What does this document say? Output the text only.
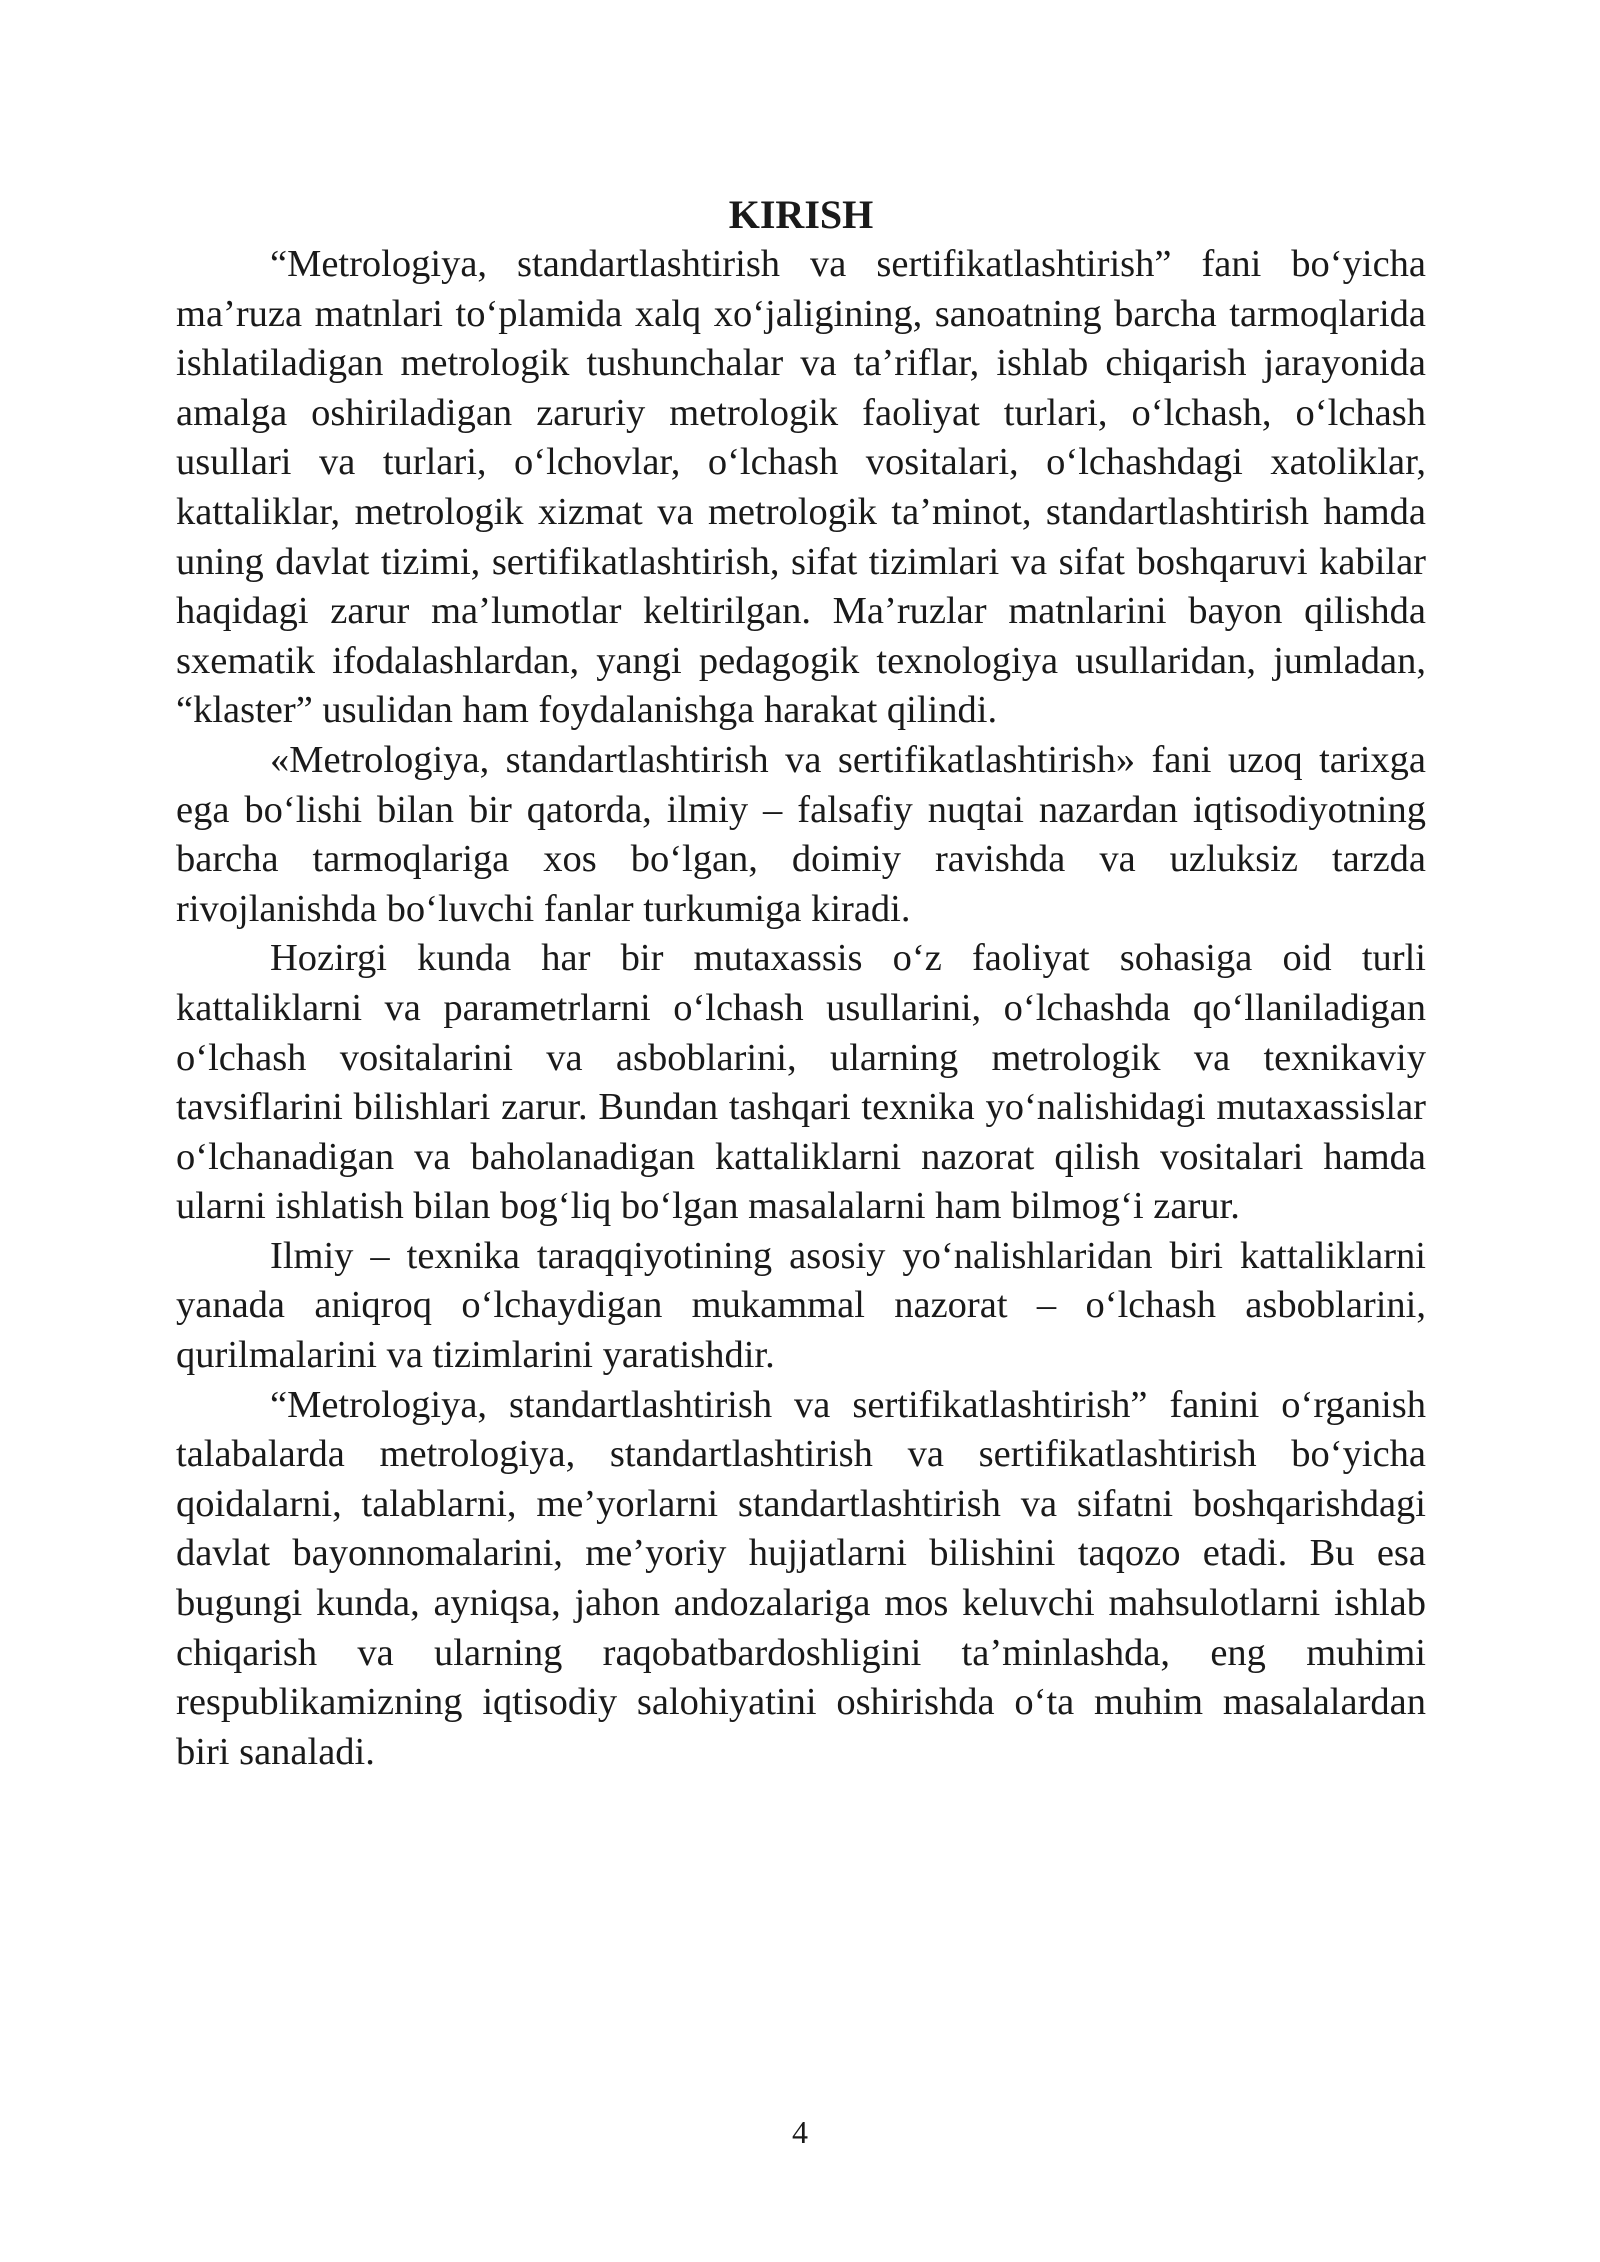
KIRISH

“Metrologiya, standartlashtirish va sertifikatlashtirish” fani bo‘yicha ma’ruza matnlari to‘plamida xalq xo‘jaligining, sanoatning barcha tarmoqlarida ishlatiladigan metrologik tushunchalar va ta’riflar, ishlab chiqarish jarayonida amalga oshiriladigan zaruriy metrologik faoliyat turlari, o‘lchash, o‘lchash usullari va turlari, o‘lchovlar, o‘lchash vositalari, o‘lchashdagi xatoliklar, kattaliklar, metrologik xizmat va metrologik ta’minot, standartlashtirish hamda uning davlat tizimi, sertifikatlashtirish, sifat tizimlari va sifat boshqaruvi kabilar haqidagi zarur ma’lumotlar keltirilgan. Ma’ruzlar matnlarini bayon qilishda sxematik ifodalashlardan, yangi pedagogik texnologiya usullaridan, jumladan, “klaster” usulidan ham foydalanishga harakat qilindi.

«Metrologiya, standartlashtirish va sertifikatlashtirish» fani uzoq tarixga ega bo‘lishi bilan bir qatorda, ilmiy – falsafiy nuqtai nazardan iqtisodiyotning barcha tarmoqlariga xos bo‘lgan, doimiy ravishda va uzluksiz tarzda rivojlanishda bo‘luvchi fanlar turkumiga kiradi.

Hozirgi kunda har bir mutaxassis o‘z faoliyat sohasiga oid turli kattaliklarni va parametrlarni o‘lchash usullarini, o‘lchashda qo‘llaniladigan o‘lchash vositalarini va asboblarini, ularning metrologik va texnikaviy tavsiflarini bilishlari zarur. Bundan tashqari texnika yo‘nalishidagi mutaxassislar o‘lchanadigan va baholanadigan kattaliklarni nazorat qilish vositalari hamda ularni ishlatish bilan bog‘liq bo‘lgan masalalarni ham bilmog‘i zarur.

Ilmiy – texnika taraqqiyotining asosiy yo‘nalishlaridan biri kattaliklarni yanada aniqroq o‘lchaydigan mukammal nazorat – o‘lchash asboblarini, qurilmalarini va tizimlarini yaratishdir.

“Metrologiya, standartlashtirish va sertifikatlashtirish” fanini o‘rganish talabalarda metrologiya, standartlashtirish va sertifikatlashtirish bo‘yicha qoidalarni, talablarni, me’yorlarni standartlashtirish va sifatni boshqarishdagi davlat bayonnomalarini, me’yoriy hujjatlarni bilishini taqozo etadi. Bu esa bugungi kunda, ayniqsa, jahon andozalariga mos keluvchi mahsulotlarni ishlab chiqarish va ularning raqobatbardoshligini ta’minlashda, eng muhimi respublikamizning iqtisodiy salohiyatini oshirishda o‘ta muhim masalalardan biri sanaladi.

4
